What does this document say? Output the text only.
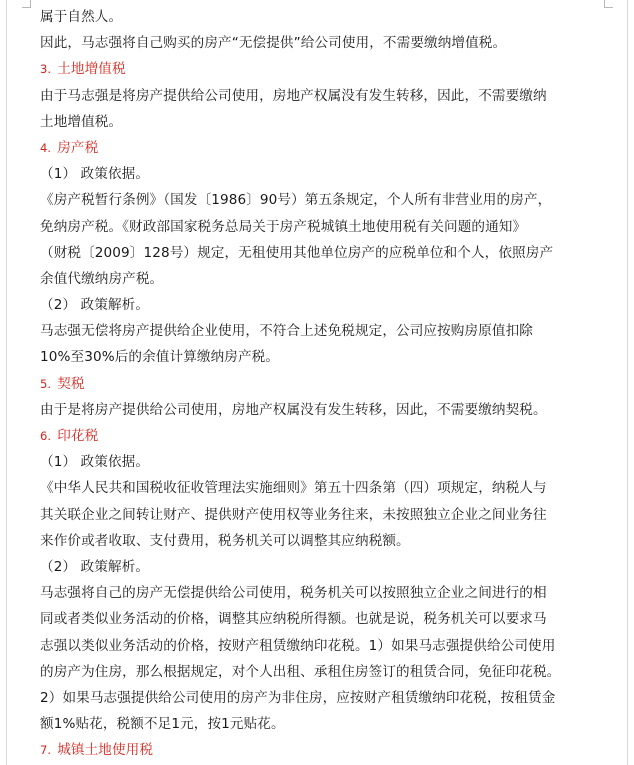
属于自然人。
因此，马志强将自己购买的房产“无偿提供”给公司使用，不需要缴纳增值税。
3. 土地增值税
由于马志强是将房产提供给公司使用，房地产权属没有发生转移，因此，不需要缴纳
土地增值税。
4. 房产税
（1） 政策依据。
《房产税暂行条例》（国发〔1986〕90号）第五条规定，个人所有非营业用的房产，
免纳房产税。《财政部国家税务总局关于房产税城镇土地使用税有关问题的通知》
（财税〔2009〕128号）规定，无租使用其他单位房产的应税单位和个人，依照房产
余值代缴纳房产税。
（2） 政策解析。
马志强无偿将房产提供给企业使用，不符合上述免税规定，公司应按购房原值扣除
10%至30%后的余值计算缴纳房产税。
5. 契税
由于是将房产提供给公司使用，房地产权属没有发生转移，因此，不需要缴纳契税。
6. 印花税
（1） 政策依据。
《中华人民共和国税收征收管理法实施细则》第五十四条第（四）项规定，纳税人与
其关联企业之间转让财产、提供财产使用权等业务往来，未按照独立企业之间业务往
来作价或者收取、支付费用，税务机关可以调整其应纳税额。
（2） 政策解析。
马志强将自己的房产无偿提供给公司使用，税务机关可以按照独立企业之间进行的相
同或者类似业务活动的价格，调整其应纳税所得额。也就是说，税务机关可以要求马
志强以类似业务活动的价格，按财产租赁缴纳印花税。1）如果马志强提供给公司使用
的房产为住房，那么根据规定，对个人出租、承租住房签订的租赁合同，免征印花税。
2）如果马志强提供给公司使用的房产为非住房，应按财产租赁缴纳印花税，按租赁金
额1%贴花，税额不足1元，按1元贴花。
7. 城镇土地使用税
